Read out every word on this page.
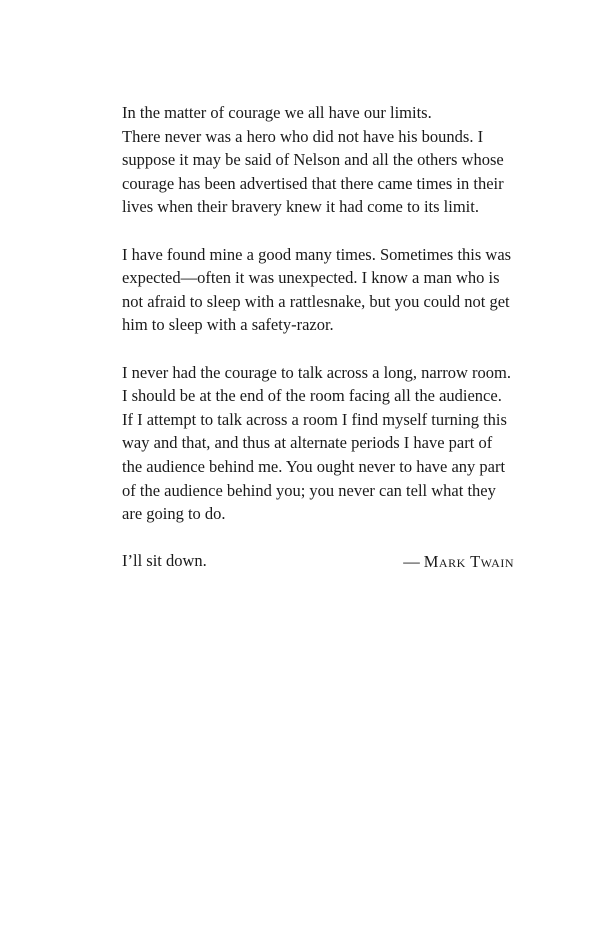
In the matter of courage we all have our limits.
There never was a hero who did not have his bounds. I
suppose it may be said of Nelson and all the others whose
courage has been advertised that there came times in their
lives when their bravery knew it had come to its limit.

I have found mine a good many times. Sometimes this was
expected—often it was unexpected. I know a man who is
not afraid to sleep with a rattlesnake, but you could not get
him to sleep with a safety-razor.

I never had the courage to talk across a long, narrow room.
I should be at the end of the room facing all the audience.
If I attempt to talk across a room I find myself turning this
way and that, and thus at alternate periods I have part of
the audience behind me. You ought never to have any part
of the audience behind you; you never can tell what they
are going to do.

I’ll sit down.	— Mark Twain
